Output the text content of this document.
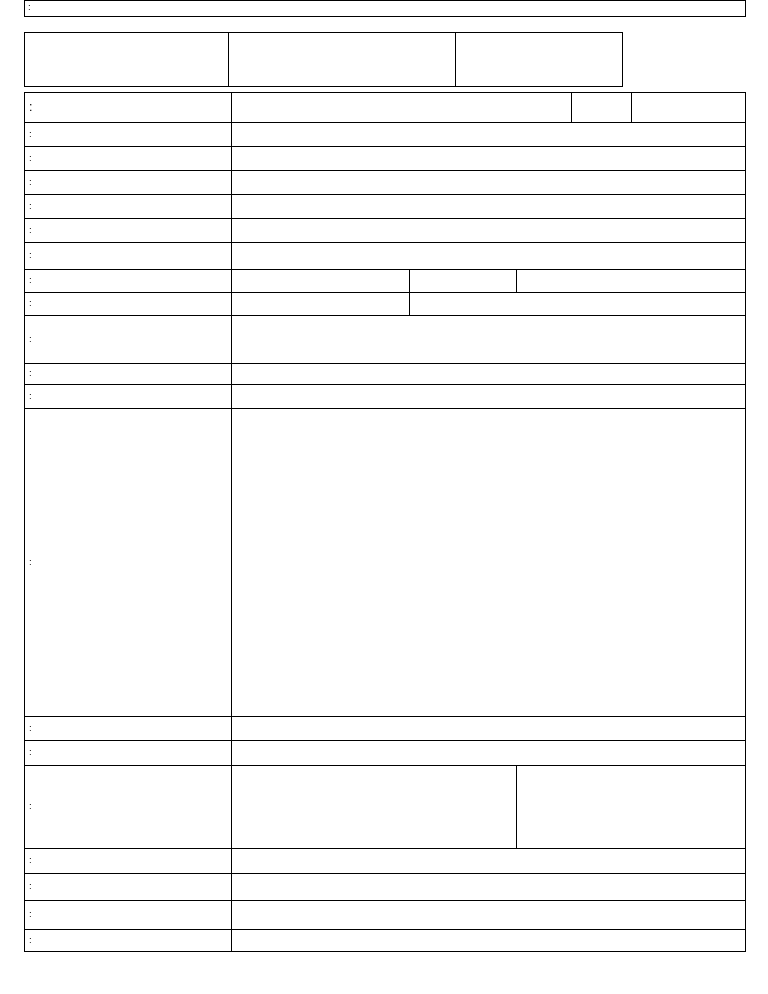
:					
:					
:					
:					
:					
:					
:					
:					
:					
:					
:					
:					
:					
:					
:					
:					
:					
:					
:					
:					
:
